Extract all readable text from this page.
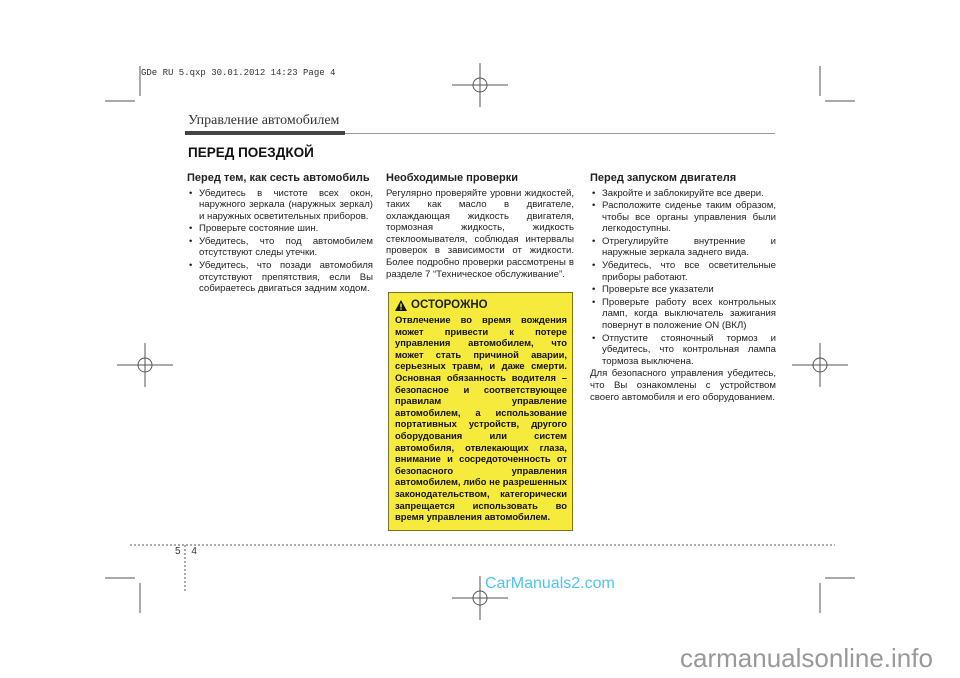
GDe RU 5.qxp 30.01.2012 14:23 Page 4
Управление автомобилем
ПЕРЕД ПОЕЗДКОЙ
Перед тем, как сесть автомобиль
• Убедитесь в чистоте всех окон, наружного зеркала (наружных зеркал) и наружных осветительных приборов.
• Проверьте состояние шин.
• Убедитесь, что под автомобилем отсутствуют следы утечки.
• Убедитесь, что позади автомобиля отсутствуют препятствия, если Вы собираетесь двигаться задним ходом.
Необходимые проверки

Регулярно проверяйте уровни жидкостей, таких как масло в двигателе, охлаждающая жидкость двигателя, тормозная жидкость, жидкость стеклоомывателя, соблюдая интервалы проверок в зависимости от жидкости. Более подробно проверки рассмотрены в разделе 7 “Техническое обслуживание”.

ОСТОРОЖНО

Отвлечение во время вождения может привести к потере управления автомобилем, что может стать причиной аварии, серьезных травм, и даже смерти. Основная обязанность водителя – безопасное и соответствующее правилам управление автомобилем, а использование портативных устройств, другого оборудования или систем автомобиля, отвлекающих глаза, внимание и сосредоточенность от безопасного управления автомобилем, либо не разрешенных законодательством, категорически запрещается использовать во время управления автомобилем.

Перед запуском двигателя
• Закройте и заблокируйте все двери.
• Расположите сиденье таким образом, чтобы все органы управления были легкодоступны.
• Отрегулируйте внутренние и наружные зеркала заднего вида.
• Убедитесь, что все осветительные приборы работают.
• Проверьте все указатели
• Проверьте работу всех контрольных ламп, когда выключатель зажигания повернут в положение ON (ВКЛ)
• Отпустите стояночный тормоз и убедитесь, что контрольная лампа тормоза выключена.

Для безопасного управления убедитесь, что Вы ознакомлены с устройством своего автомобиля и его оборудованием.

5 4
CarManuals2.com
carmanualsonline.info
